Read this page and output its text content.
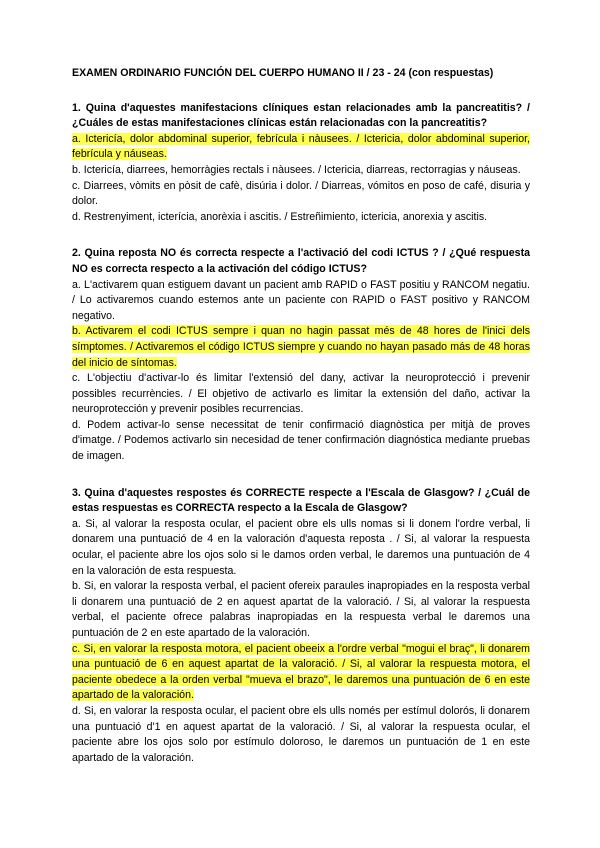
EXAMEN ORDINARIO FUNCIÓN DEL CUERPO HUMANO II / 23 - 24 (con respuestas)

1. Quina d'aquestes manifestacions clíniques estan relacionades amb la pancreatitis? / ¿Cuáles de estas manifestaciones clínicas están relacionadas con la pancreatitis?

a. Ictericía, dolor abdominal superior, febrícula i nàusees. / Ictericia, dolor abdominal superior, febrícula y náuseas.

b. Ictericía, diarrees, hemorràgies rectals i nàusees. / Ictericia, diarreas, rectorragias y náuseas.

c. Diarrees, vòmits en pòsit de cafè, disúria i dolor. / Diarreas, vómitos en poso de café, disuria y dolor.

d. Restrenyiment, icterícia, anorèxia i ascitis. / Estreñimiento, ictericia, anorexia y ascitis.

2. Quina reposta NO és correcta respecte a l'activació del codi ICTUS ? / ¿Qué respuesta NO es correcta respecto a la activación del código ICTUS?

a. L'activarem quan estiguem davant un pacient amb RAPID o FAST positiu y RANCOM negatiu. / Lo activaremos cuando estemos ante un paciente con RAPID o FAST positivo y RANCOM negativo.

b. Activarem el codi ICTUS sempre i quan no hagin passat més de 48 hores de l'inici dels símptomes. / Activaremos el código ICTUS siempre y cuando no hayan pasado más de 48 horas del inicio de síntomas.

c. L'objectiu d'activar-lo és limitar l'extensió del dany, activar la neuroprotecció i prevenir possibles recurrències. / El objetivo de activarlo es limitar la extensión del daño, activar la neuroprotección y prevenir posibles recurrencias.

d. Podem activar-lo sense necessitat de tenir confirmació diagnòstica per mitjà de proves d'imatge. / Podemos activarlo sin necesidad de tener confirmación diagnóstica mediante pruebas de imagen.

3. Quina d'aquestes respostes és CORRECTE respecte a l'Escala de Glasgow? / ¿Cuál de estas respuestas es CORRECTA respecto a la Escala de Glasgow?

a. Si, al valorar la resposta ocular, el pacient obre els ulls nomas si li donem l'ordre verbal, li donarem una puntuació de 4 en la valoración d'aquesta reposta . / Si, al valorar la respuesta ocular, el paciente abre los ojos solo si le damos orden verbal, le daremos una puntuación de 4 en la valoración de esta respuesta.

b. Si, en valorar la resposta verbal, el pacient ofereix paraules inapropiades en la resposta verbal li donarem una puntuació de 2 en aquest apartat de la valoració. / Si, al valorar la respuesta verbal, el paciente ofrece palabras inapropiadas en la respuesta verbal le daremos una puntuación de 2 en este apartado de la valoración.

c. Si, en valorar la resposta motora, el pacient obeeix a l'ordre verbal "mogui el braç", li donarem una puntuació de 6 en aquest apartat de la valoració. / Si, al valorar la respuesta motora, el paciente obedece a la orden verbal "mueva el brazo", le daremos una puntuación de 6 en este apartado de la valoración.

d. Si, en valorar la resposta ocular, el pacient obre els ulls només per estímul dolorós, li donarem una puntuació d'1 en aquest apartat de la valoració. / Si, al valorar la respuesta ocular, el paciente abre los ojos solo por estímulo doloroso, le daremos un puntuación de 1 en este apartado de la valoración.
